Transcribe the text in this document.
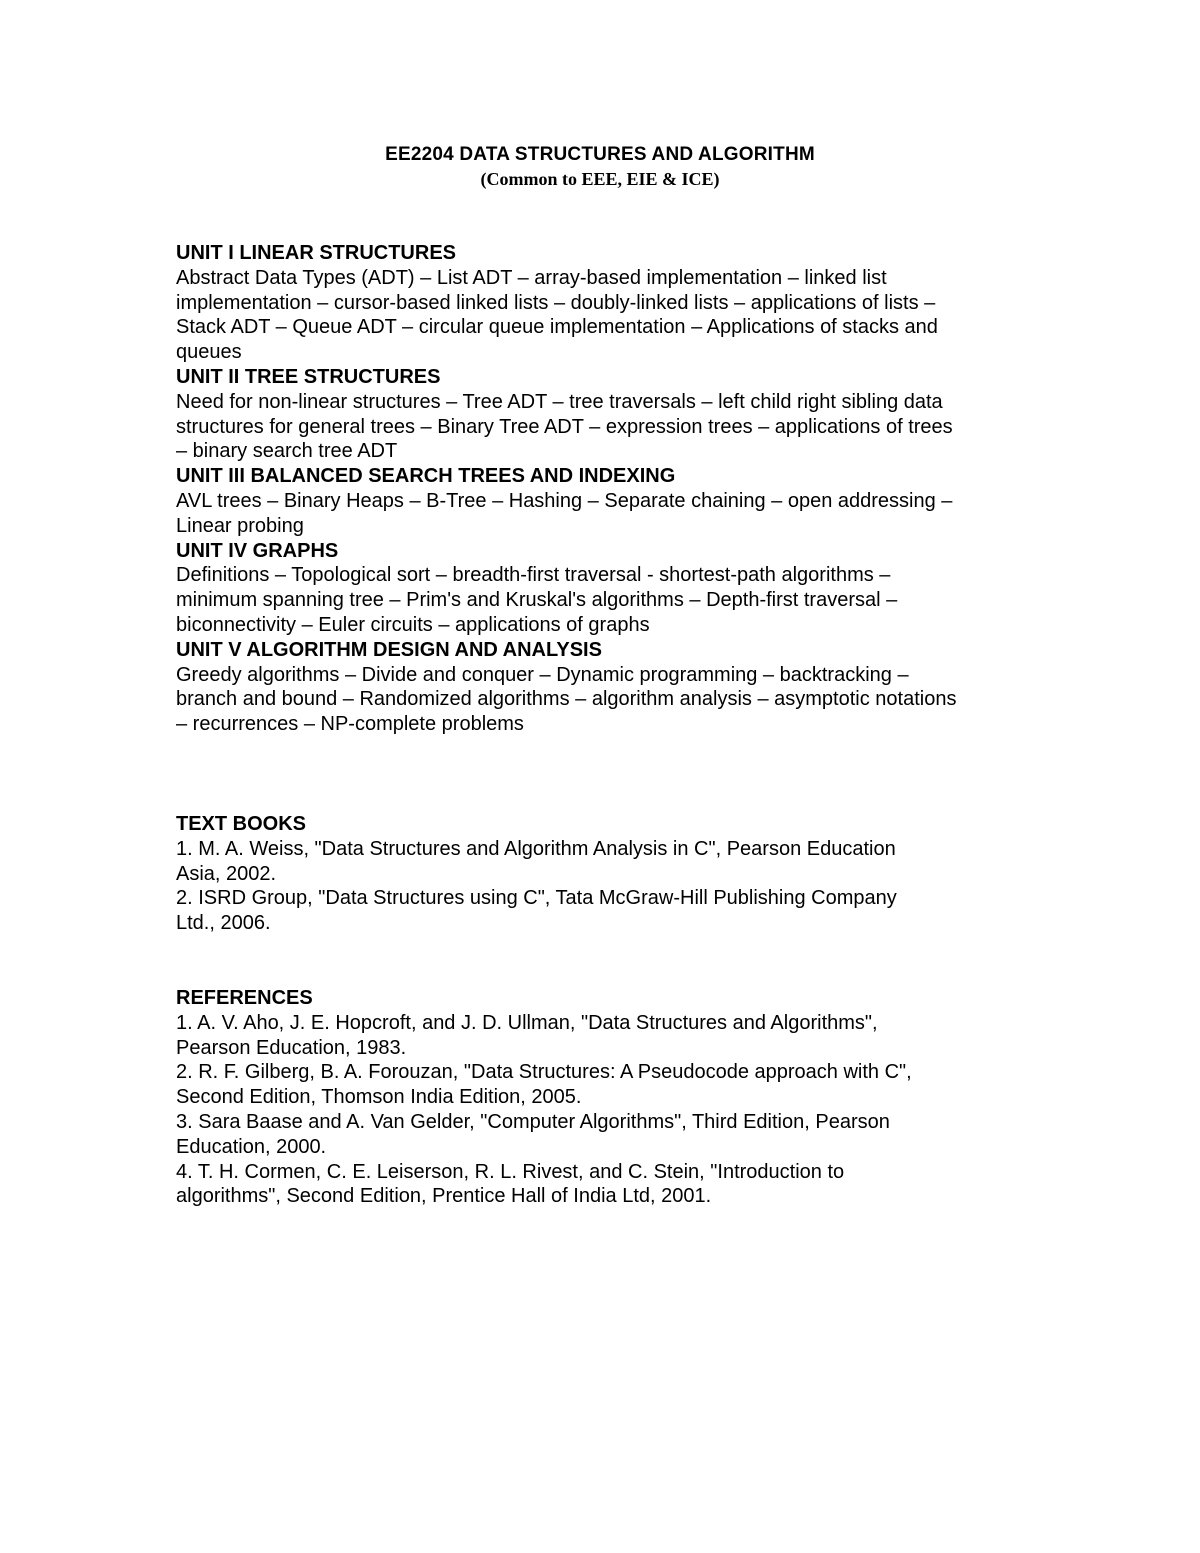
EE2204 DATA STRUCTURES AND ALGORITHM

(Common to EEE, EIE & ICE)

UNIT I LINEAR STRUCTURES
Abstract Data Types (ADT) – List ADT – array-based implementation – linked list
implementation – cursor-based linked lists – doubly-linked lists – applications of lists –
Stack ADT – Queue ADT – circular queue implementation – Applications of stacks and
queues
UNIT II TREE STRUCTURES
Need for non-linear structures – Tree ADT – tree traversals – left child right sibling data
structures for general trees – Binary Tree ADT – expression trees – applications of trees
– binary search tree ADT
UNIT III BALANCED SEARCH TREES AND INDEXING
AVL trees – Binary Heaps – B-Tree – Hashing – Separate chaining – open addressing –
Linear probing
UNIT IV GRAPHS
Definitions – Topological sort – breadth-first traversal - shortest-path algorithms –
minimum spanning tree – Prim's and Kruskal's algorithms – Depth-first traversal –
biconnectivity – Euler circuits – applications of graphs
UNIT V ALGORITHM DESIGN AND ANALYSIS
Greedy algorithms – Divide and conquer – Dynamic programming – backtracking –
branch and bound – Randomized algorithms – algorithm analysis – asymptotic notations
– recurrences – NP-complete problems
TEXT BOOKS
1. M. A. Weiss, "Data Structures and Algorithm Analysis in C", Pearson Education
Asia, 2002.
2. ISRD Group, "Data Structures using C", Tata McGraw-Hill Publishing Company
Ltd., 2006.
REFERENCES
1. A. V. Aho, J. E. Hopcroft, and J. D. Ullman, "Data Structures and Algorithms",
Pearson Education, 1983.
2. R. F. Gilberg, B. A. Forouzan, "Data Structures: A Pseudocode approach with C",
Second Edition, Thomson India Edition, 2005.
3. Sara Baase and A. Van Gelder, "Computer Algorithms", Third Edition, Pearson
Education, 2000.
4. T. H. Cormen, C. E. Leiserson, R. L. Rivest, and C. Stein, "Introduction to
algorithms", Second Edition, Prentice Hall of India Ltd, 2001.
